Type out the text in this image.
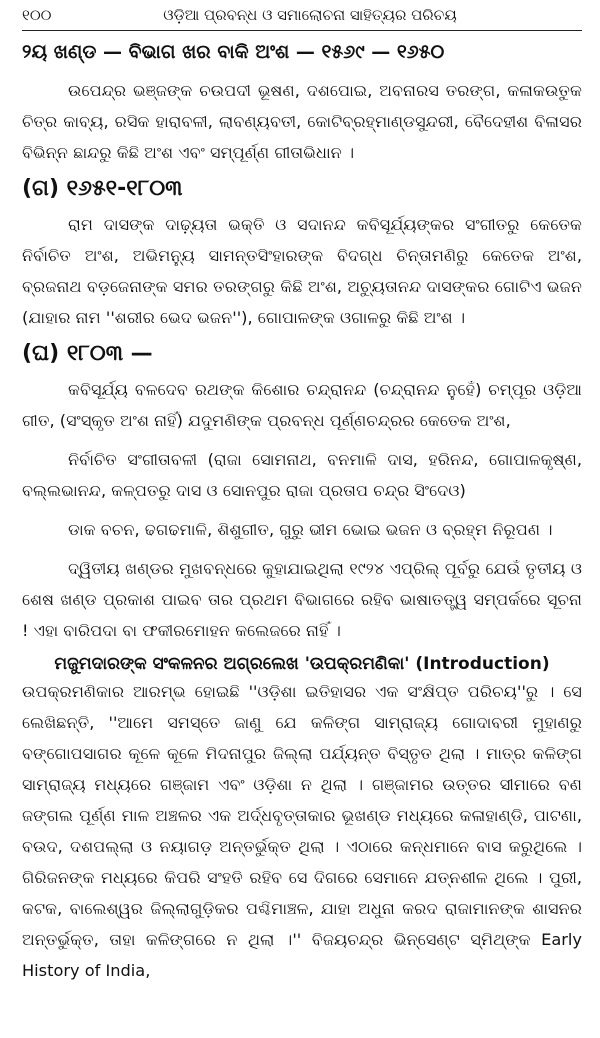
୧୦୦	ଓଡ଼ିଆ ପ୍ରବନ୍ଧ ଓ ସମାଲୋଚନା ସାହିତ୍ୟର ପରିଚୟ
୨ୟ ଖଣ୍ଡ — ବିଭାଗ ଖର ବାକି ଅଂଶ — ୧୫୬୯ — ୧୬୫୦

ଉପେନ୍ଦ୍ର ଭଞ୍ଜଙ୍କ ଚଉପଦୀ ଭୂଷଣ, ଦଶପୋଇ, ଅବନାରସ ତରଙ୍ଗ, କଳାକଉତୁକ ଚିତ୍ର କାବ୍ୟ, ରସିକ ହାରାବଳୀ, ଲାବଣ୍ୟବତୀ, କୋଟିବ୍ରହ୍ମାଣ୍ଡସୁନ୍ଦରୀ, ବୈଦେହୀଶ ବିଳାସର ବିଭିନ୍ନ ଛାନ୍ଦରୁ କିଛି ଅଂଶ ଏବଂ ସମ୍ପୂର୍ଣ୍ଣ ଗୀତାଭିଧାନ ।

(ଗ) ୧୬୫୧-୧୮୦୩

ରାମ ଦାସଙ୍କ ଦାଢ଼୍ୟତା ଭକ୍ତି ଓ ସଦାନନ୍ଦ କବିସୂର୍ଯ୍ୟଙ୍କର ସଂଗୀତରୁ କେତେକ ନିର୍ବାଚିତ ଅଂଶ, ଅଭିମନ୍ୟୁ ସାମନ୍ତସିଂହାରଙ୍କ ବିଦଗ୍ଧ ଚିନ୍ତାମଣିରୁ କେତେକ ଅଂଶ, ବ୍ରଜନାଥ ବଡ଼ଜେନାଙ୍କ ସମର ତରଙ୍ଗରୁ କିଛି ଅଂଶ, ଅଚ୍ୟୁତାନନ୍ଦ ଦାସଙ୍କର ଗୋଟିଏ ଭଜନ (ଯାହାର ନାମ ''ଶରୀର ଭେଦ ଭଜନ''), ଗୋପାଳଙ୍କ ଓଗାଳରୁ କିଛି ଅଂଶ ।

(ଘ) ୧୮୦୩ —

କବିସୂର୍ଯ୍ୟ ବଳଦେବ ରଥଙ୍କ କିଶୋର ଚନ୍ଦ୍ରାନନ୍ଦ (ଚନ୍ଦ୍ରାନନ୍ଦ ନୁହେଁ) ଚମ୍ପୂର ଓଡ଼ିଆ ଗୀତ, (ସଂସ୍କୃତ ଅଂଶ ନାହିଁ) ଯଦୁମଣିଙ୍କ ପ୍ରବନ୍ଧ ପୂର୍ଣ୍ଣଚନ୍ଦ୍ରର କେତେକ ଅଂଶ,

ନିର୍ବାଚିତ ସଂଗୀତାବଳୀ (ରାଜା ସୋମନାଥ, ବନମାଳି ଦାସ, ହରିନନ୍ଦ, ଗୋପାଳକୃଷ୍ଣ, ବଲ୍ଲଭାନନ୍ଦ, କଳ୍ପତରୁ ଦାସ ଓ ସୋନପୁର ରାଜା ପ୍ରତାପ ଚନ୍ଦ୍ର ସିଂଦେଓ)

ଡାକ ବଚନ, ଢଗଢମାଳି, ଶିଶୁଗୀତ, ଗୁରୁ ଭୀମ ଭୋଇ ଭଜନ ଓ ବ୍ରହ୍ମ ନିରୂପଣ ।

ଦ୍ୱିତୀୟ ଖଣ୍ଡର ମୁଖବନ୍ଧରେ କୁହାଯାଇଥିଲା ୧୯୨୪ ଏପ୍ରିଲ୍ ପୂର୍ବରୁ ଯେଉଁ ତୃତୀୟ ଓ ଶେଷ ଖଣ୍ଡ ପ୍ରକାଶ ପାଇବ ତାର ପ୍ରଥମ ବିଭାଗରେ ରହିବ ଭାଷାତତ୍ତ୍ୱ ସମ୍ପର୍କରେ ସୂଚନା ! ଏହା ବାରିପଦା ବା ଫକୀରମୋହନ କଲେଜରେ ନାହିଁ ।

ମଜୁମଦାରଙ୍କ ସଂକଳନର ଅଗ୍ରଲେଖ 'ଉପକ୍ରମଣିକା' (Introduction)

ଉପକ୍ରମଣିକାର ଆରମ୍ଭ ହୋଇଛି ''ଓଡ଼ିଶା ଇତିହାସର ଏକ ସଂକ୍ଷିପ୍ତ ପରିଚୟ''ରୁ । ସେ ଲେଖିଛନ୍ତି, ''ଆମେ ସମସ୍ତେ ଜାଣୁ ଯେ କଳିଙ୍ଗ ସାମ୍ରାଜ୍ୟ ଗୋଦାବରୀ ମୁହାଣରୁ ବଙ୍ଗୋପସାଗର କୂଳେ କୂଳେ ମିଦନାପୁର ଜିଲ୍ଲା ପର୍ଯ୍ୟନ୍ତ ବିସ୍ତୃତ ଥିଲା । ମାତ୍ର କଳିଙ୍ଗ ସାମ୍ରାଜ୍ୟ ମଧ୍ୟରେ ଗଞ୍ଜାମ ଏବଂ ଓଡ଼ିଶା ନ ଥିଲା । ଗଞ୍ଜାମର ଉତ୍ତର ସୀମାରେ ବଣ ଜଙ୍ଗଲ ପୂର୍ଣ୍ଣ ମାଳ ଅଞ୍ଚଳର ଏକ ଅର୍ଦ୍ଧବୃତ୍ତାକାର ଭୂଖଣ୍ଡ ମଧ୍ୟରେ କଳାହାଣ୍ଡି, ପାଟଣା, ବଉଦ, ଦଶପଲ୍ଲା ଓ ନୟାଗଡ଼ ଅନ୍ତର୍ଭୁକ୍ତ ଥିଲା । ଏଠାରେ କନ୍ଧମାନେ ବାସ କରୁଥିଲେ । ଗିରିଜନଙ୍କ ମଧ୍ୟରେ କିପରି ସଂହତି ରହିବ ସେ ଦିଗରେ ସେମାନେ ଯତ୍ନଶୀଳ ଥିଲେ । ପୁରୀ, କଟକ, ବାଲେଶ୍ୱର ଜିଲ୍ଲାଗୁଡ଼ିକର ପଶ୍ଚିମାଞ୍ଚଳ, ଯାହା ଅଧୁନା କରଦ ରାଜାମାନଙ୍କ ଶାସନର ଅନ୍ତର୍ଭୁକ୍ତ, ତାହା କଳିଙ୍ଗରେ ନ ଥିଲା ।'' ବିଜୟଚନ୍ଦ୍ର ଭିନ୍ସେଣ୍ଟ ସ୍ମିଥ୍‌ଙ୍କ Early History of India,
